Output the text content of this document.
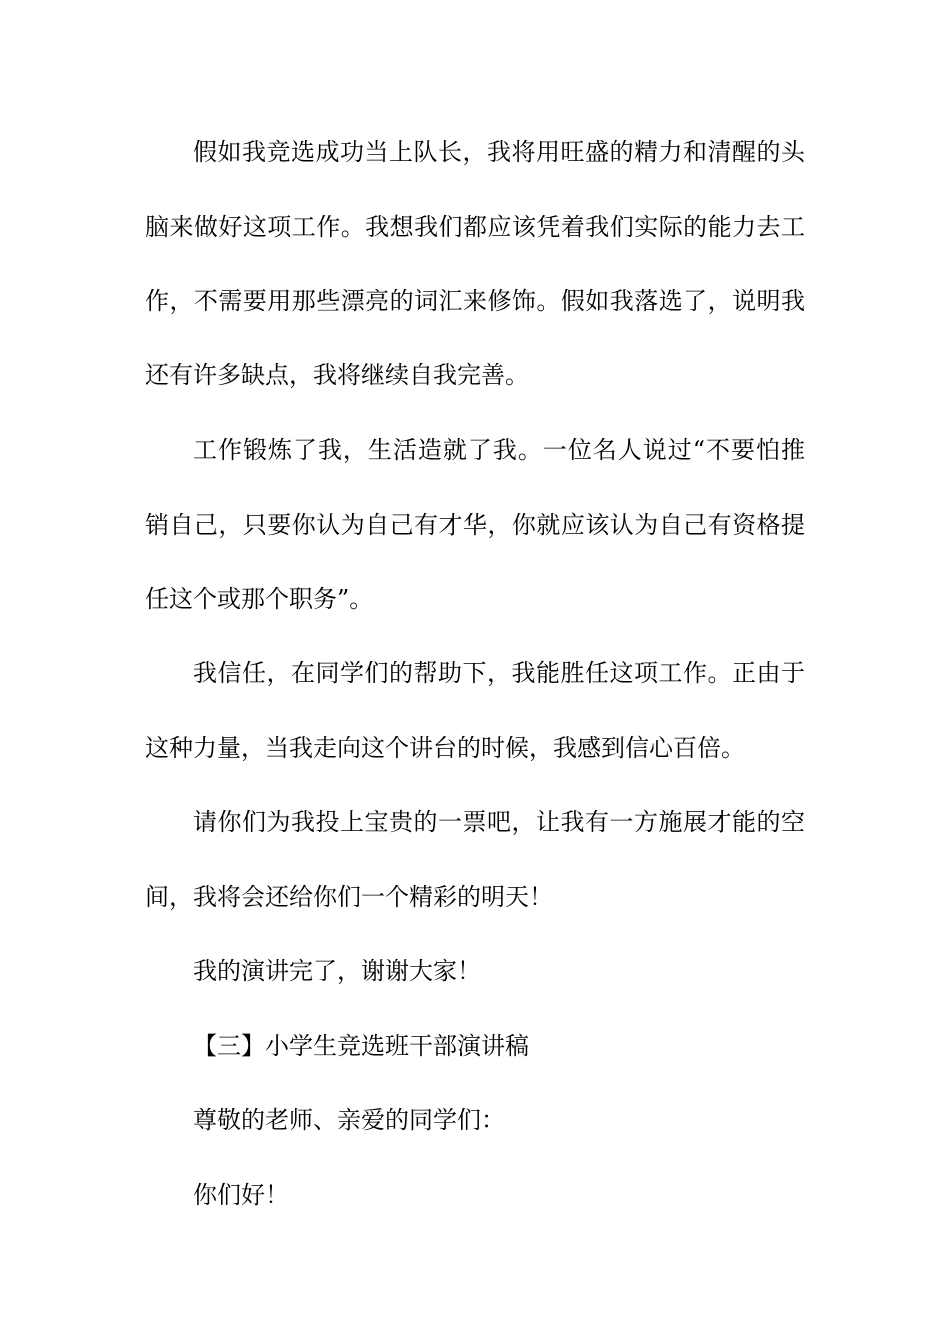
假如我竞选成功当上队长，我将用旺盛的精力和清醒的头
脑来做好这项工作。我想我们都应该凭着我们实际的能力去工
作，不需要用那些漂亮的词汇来修饰。假如我落选了，说明我
还有许多缺点，我将继续自我完善。
工作锻炼了我，生活造就了我。一位名人说过“不要怕推
销自己，只要你认为自己有才华，你就应该认为自己有资格提
任这个或那个职务”。
我信任，在同学们的帮助下，我能胜任这项工作。正由于
这种力量，当我走向这个讲台的时候，我感到信心百倍。
请你们为我投上宝贵的一票吧，让我有一方施展才能的空
间，我将会还给你们一个精彩的明天！
我的演讲完了，谢谢大家！
【三】小学生竞选班干部演讲稿
尊敬的老师、亲爱的同学们：
你们好！
